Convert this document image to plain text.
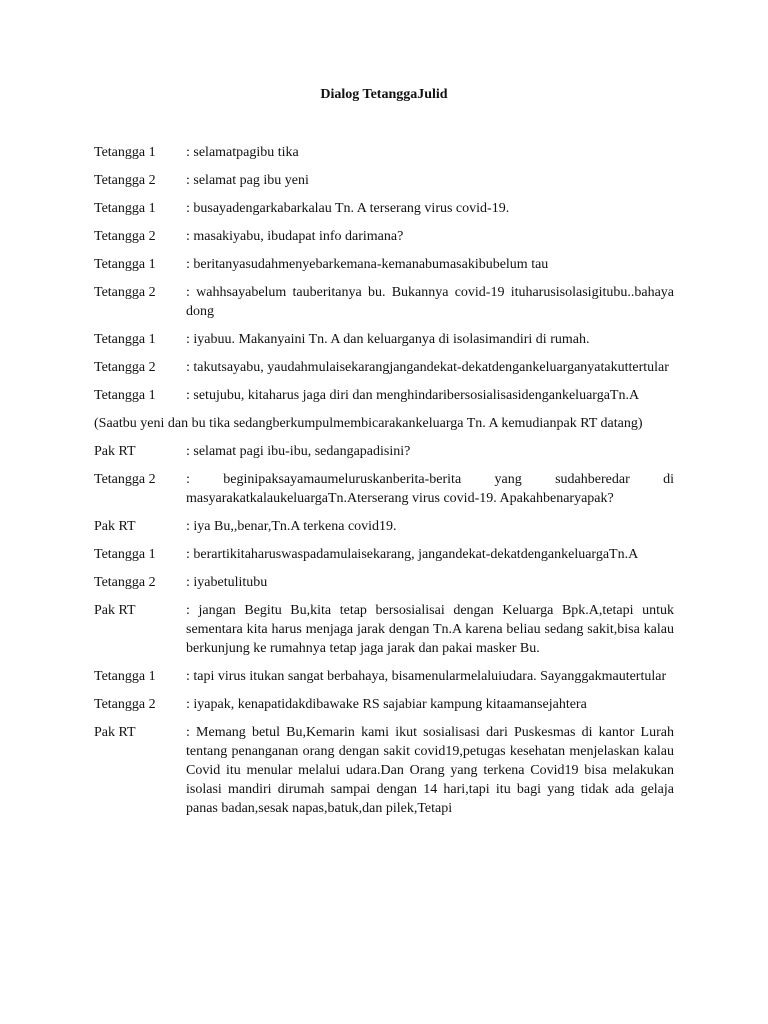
Dialog TetanggaJulid
Tetangga 1	: selamatpagibu tika
Tetangga 2	: selamat pag ibu yeni
Tetangga 1	: busayadengarkabarkalau Tn. A terserang virus covid-19.
Tetangga 2	: masakiyabu, ibudapat info darimana?
Tetangga 1	: beritanyasudahmenyebarkemana-kemanabumasakibubelum tau
Tetangga 2	: wahhsayabelum tauberitanya bu. Bukannya covid-19 ituharusisolasigitubu..bahaya dong
Tetangga 1	: iyabuu. Makanyaini Tn. A dan keluarganya di isolasimandiri di rumah.
Tetangga 2	: takutsayabu, yaudahmulaisekarangjangandekat-dekatdengankeluarganyatakuttertular
Tetangga 1	: setujubu, kitaharus jaga diri dan menghindaribersosialisasidengankeluargaTn.A
(Saatbu yeni dan bu tika sedangberkumpulmembicarakankeluarga Tn. A kemudianpak RT datang)
Pak RT	: selamat pagi ibu-ibu, sedangapadisini?
Tetangga 2	: beginipaksayamaumeluruskanberita-berita yang sudahberedar di masyarakatkalaukeluargaTn.Aterserang virus covid-19. Apakahbenaryapak?
Pak RT	: iya Bu,,benar,Tn.A terkena covid19.
Tetangga 1	: berartikitaharuswaspadamulaisekarang, jangandekat-dekatdengankeluargaTn.A
Tetangga 2	: iyabetulitubu
Pak RT	: jangan Begitu Bu,kita tetap bersosialisai dengan Keluarga Bpk.A,tetapi untuk sementara kita harus menjaga jarak dengan Tn.A karena beliau sedang sakit,bisa kalau berkunjung ke rumahnya tetap jaga jarak dan pakai masker Bu.
Tetangga 1	: tapi virus itukan sangat berbahaya, bisamenularmelaluiudara. Sayanggakmautertular
Tetangga 2	: iyapak, kenapatidakdibawake RS sajabiar kampung kitaamansejahtera
Pak RT	: Memang betul Bu,Kemarin kami ikut sosialisasi dari Puskesmas di kantor Lurah tentang penanganan orang dengan sakit covid19,petugas kesehatan menjelaskan kalau Covid itu menular melalui udara.Dan Orang yang terkena Covid19 bisa melakukan isolasi mandiri dirumah sampai dengan 14 hari,tapi itu bagi yang tidak ada gelaja panas badan,sesak napas,batuk,dan pilek,Tetapi
